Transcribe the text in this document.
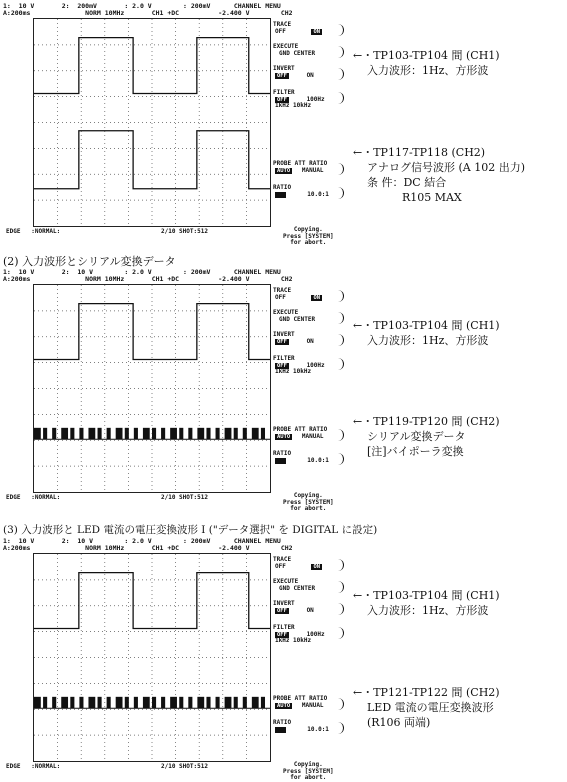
(2) 入力波形とシリアル変換データ
(3) 入力波形と LED 電流の電圧変換波形 I ("データ選択" を DIGITAL に設定)
1:  10 V       2:  200mV       : 2.0 V        : 200mV      CHANNEL MENU
A:200ms              NORM 10MHz       CH1 +DC          -2.400 V        CH2
TRACE
OFF	ON
EXECUTE
GND CENTER
INVERT
OFF	ON
FILTER
OFF	100Hz
1kHz 10kHz
PROBE ATT RATIO
AUTO MANUAL
RATIO
10.0:1
EDGE   :NORMAL:	2/10 SHOT:512	Copying.
Press [SYSTEM]
for abort.
←・TP103-TP104 間 (CH1)
入力波形：1Hz、方形波
←・TP117-TP118 (CH2)
アナログ信号波形 (A 102 出力)
条 件：DC 結合
R105 MAX
1:  10 V       2:  10 V        : 2.0 V        : 200mV      CHANNEL MENU
A:200ms              NORM 10MHz       CH1 +DC          -2.400 V        CH2
TRACE
OFF	ON
EXECUTE
GND CENTER
INVERT
OFF	ON
FILTER
OFF	100Hz
1kHz 10kHz
PROBE ATT RATIO
AUTO MANUAL
RATIO
10.0:1
EDGE   :NORMAL:	2/10 SHOT:512	Copying.
Press [SYSTEM]
for abort.
←・TP103-TP104 間 (CH1)
入力波形：1Hz、方形波
←・TP119-TP120 間 (CH2)
シリアル変換データ
[注]バイポーラ変換
1:  10 V       2:  10 V        : 2.0 V        : 200mV      CHANNEL MENU
A:200ms              NORM 10MHz       CH1 +DC          -2.400 V        CH2
TRACE
OFF	ON
EXECUTE
GND CENTER
INVERT
OFF	ON
FILTER
OFF	100Hz
1kHz 10kHz
PROBE ATT RATIO
AUTO MANUAL
RATIO
10.0:1
EDGE   :NORMAL:	2/10 SHOT:512	Copying.
Press [SYSTEM]
for abort.
←・TP103-TP104 間 (CH1)
入力波形：1Hz、方形波
←・TP121-TP122 間 (CH2)
LED 電流の電圧変換波形
(R106 両端)
